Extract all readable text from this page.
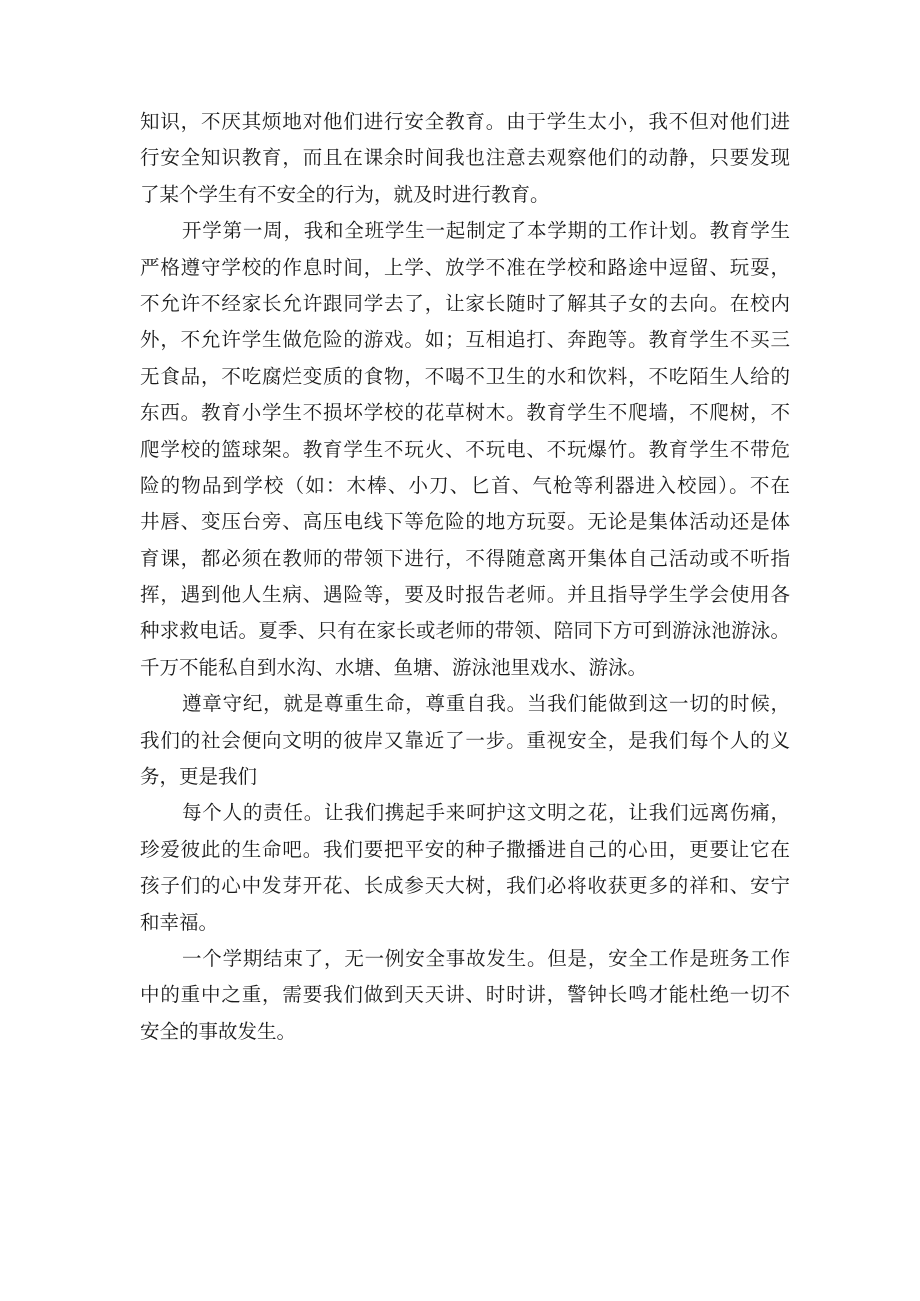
知识，不厌其烦地对他们进行安全教育。由于学生太小，我不但对他们进
行安全知识教育，而且在课余时间我也注意去观察他们的动静，只要发现
了某个学生有不安全的行为，就及时进行教育。
开学第一周，我和全班学生一起制定了本学期的工作计划。教育学生
严格遵守学校的作息时间，上学、放学不准在学校和路途中逗留、玩耍，
不允许不经家长允许跟同学去了，让家长随时了解其子女的去向。在校内
外，不允许学生做危险的游戏。如；互相追打、奔跑等。教育学生不买三
无食品，不吃腐烂变质的食物，不喝不卫生的水和饮料，不吃陌生人给的
东西。教育小学生不损坏学校的花草树木。教育学生不爬墙，不爬树，不
爬学校的篮球架。教育学生不玩火、不玩电、不玩爆竹。教育学生不带危
险的物品到学校（如：木棒、小刀、匕首、气枪等利器进入校园）。不在
井唇、变压台旁、高压电线下等危险的地方玩耍。无论是集体活动还是体
育课，都必须在教师的带领下进行，不得随意离开集体自己活动或不听指
挥，遇到他人生病、遇险等，要及时报告老师。并且指导学生学会使用各
种求救电话。夏季、只有在家长或老师的带领、陪同下方可到游泳池游泳。
千万不能私自到水沟、水塘、鱼塘、游泳池里戏水、游泳。
遵章守纪，就是尊重生命，尊重自我。当我们能做到这一切的时候，
我们的社会便向文明的彼岸又靠近了一步。重视安全，是我们每个人的义
务，更是我们
每个人的责任。让我们携起手来呵护这文明之花，让我们远离伤痛，
珍爱彼此的生命吧。我们要把平安的种子撒播进自己的心田，更要让它在
孩子们的心中发芽开花、长成参天大树，我们必将收获更多的祥和、安宁
和幸福。
一个学期结束了，无一例安全事故发生。但是，安全工作是班务工作
中的重中之重，需要我们做到天天讲、时时讲，警钟长鸣才能杜绝一切不
安全的事故发生。
